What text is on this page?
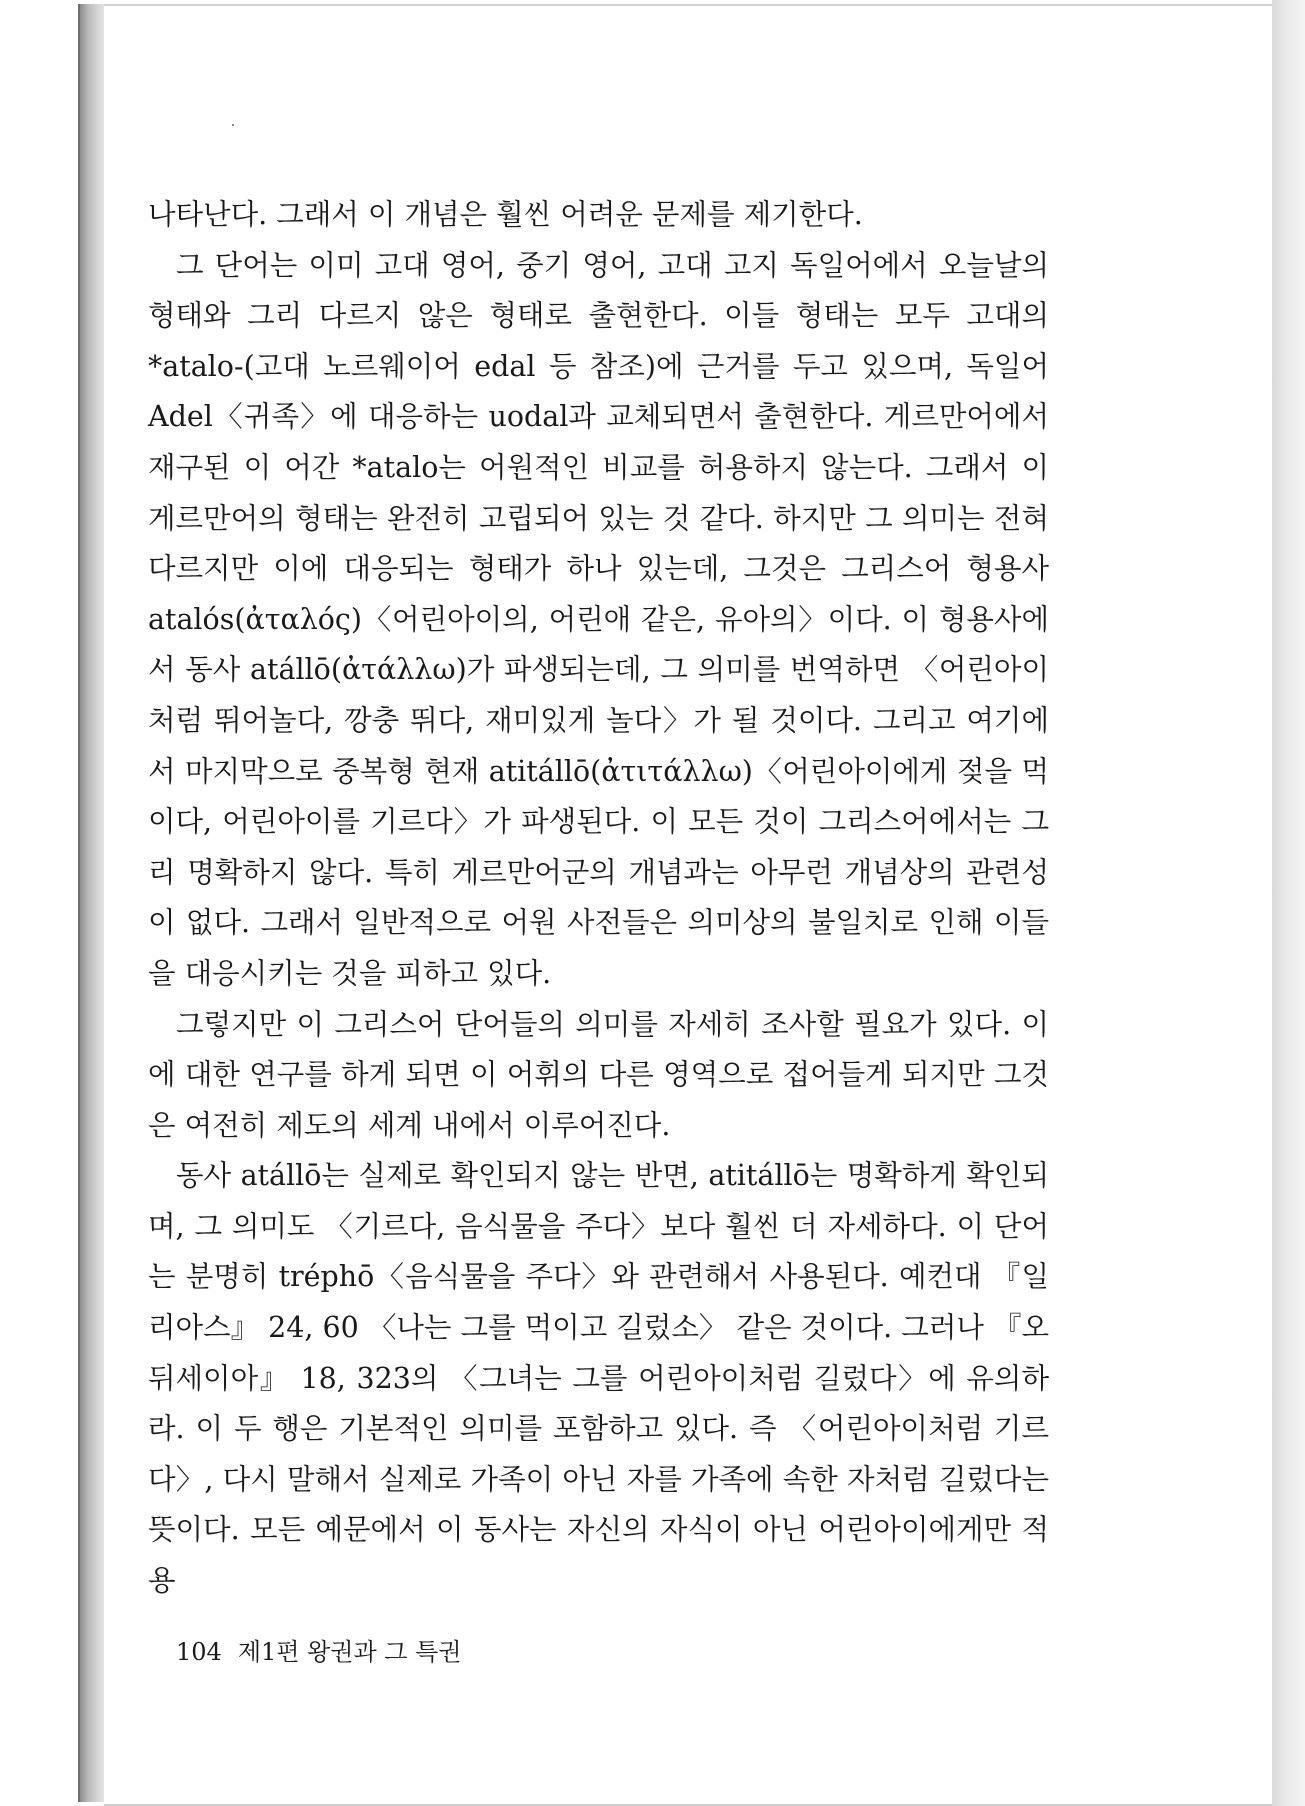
나타난다. 그래서 이 개념은 훨씬 어려운 문제를 제기한다.

그 단어는 이미 고대 영어, 중기 영어, 고대 고지 독일어에서 오늘날의 형태와 그리 다르지 않은 형태로 출현한다. 이들 형태는 모두 고대의 *atalo-(고대 노르웨이어 edal 등 참조)에 근거를 두고 있으며, 독일어 Adel〈귀족〉에 대응하는 uodal과 교체되면서 출현한다. 게르만어에서 재구된 이 어간 *atalo는 어원적인 비교를 허용하지 않는다. 그래서 이 게르만어의 형태는 완전히 고립되어 있는 것 같다. 하지만 그 의미는 전혀 다르지만 이에 대응되는 형태가 하나 있는데, 그것은 그리스어 형용사 atalós(ἀταλός)〈어린아이의, 어린애 같은, 유아의〉이다. 이 형용사에서 동사 atállō(ἀτάλλω)가 파생되는데, 그 의미를 번역하면 〈어린아이처럼 뛰어놀다, 깡충 뛰다, 재미있게 놀다〉가 될 것이다. 그리고 여기에서 마지막으로 중복형 현재 atitállō(ἀτιτάλλω)〈어린아이에게 젖을 먹이다, 어린아이를 기르다〉가 파생된다. 이 모든 것이 그리스어에서는 그리 명확하지 않다. 특히 게르만어군의 개념과는 아무런 개념상의 관련성이 없다. 그래서 일반적으로 어원 사전들은 의미상의 불일치로 인해 이들을 대응시키는 것을 피하고 있다.

그렇지만 이 그리스어 단어들의 의미를 자세히 조사할 필요가 있다. 이에 대한 연구를 하게 되면 이 어휘의 다른 영역으로 접어들게 되지만 그것은 여전히 제도의 세계 내에서 이루어진다.

동사 atállō는 실제로 확인되지 않는 반면, atitállō는 명확하게 확인되며, 그 의미도 〈기르다, 음식물을 주다〉보다 훨씬 더 자세하다. 이 단어는 분명히 tréphō〈음식물을 주다〉와 관련해서 사용된다. 예컨대 『일리아스』 24, 60 〈나는 그를 먹이고 길렀소〉 같은 것이다. 그러나 『오뒤세이아』 18, 323의 〈그녀는 그를 어린아이처럼 길렀다〉에 유의하라. 이 두 행은 기본적인 의미를 포함하고 있다. 즉 〈어린아이처럼 기르다〉, 다시 말해서 실제로 가족이 아닌 자를 가족에 속한 자처럼 길렀다는 뜻이다. 모든 예문에서 이 동사는 자신의 자식이 아닌 어린아이에게만 적용

104 제1편 왕권과 그 특권
